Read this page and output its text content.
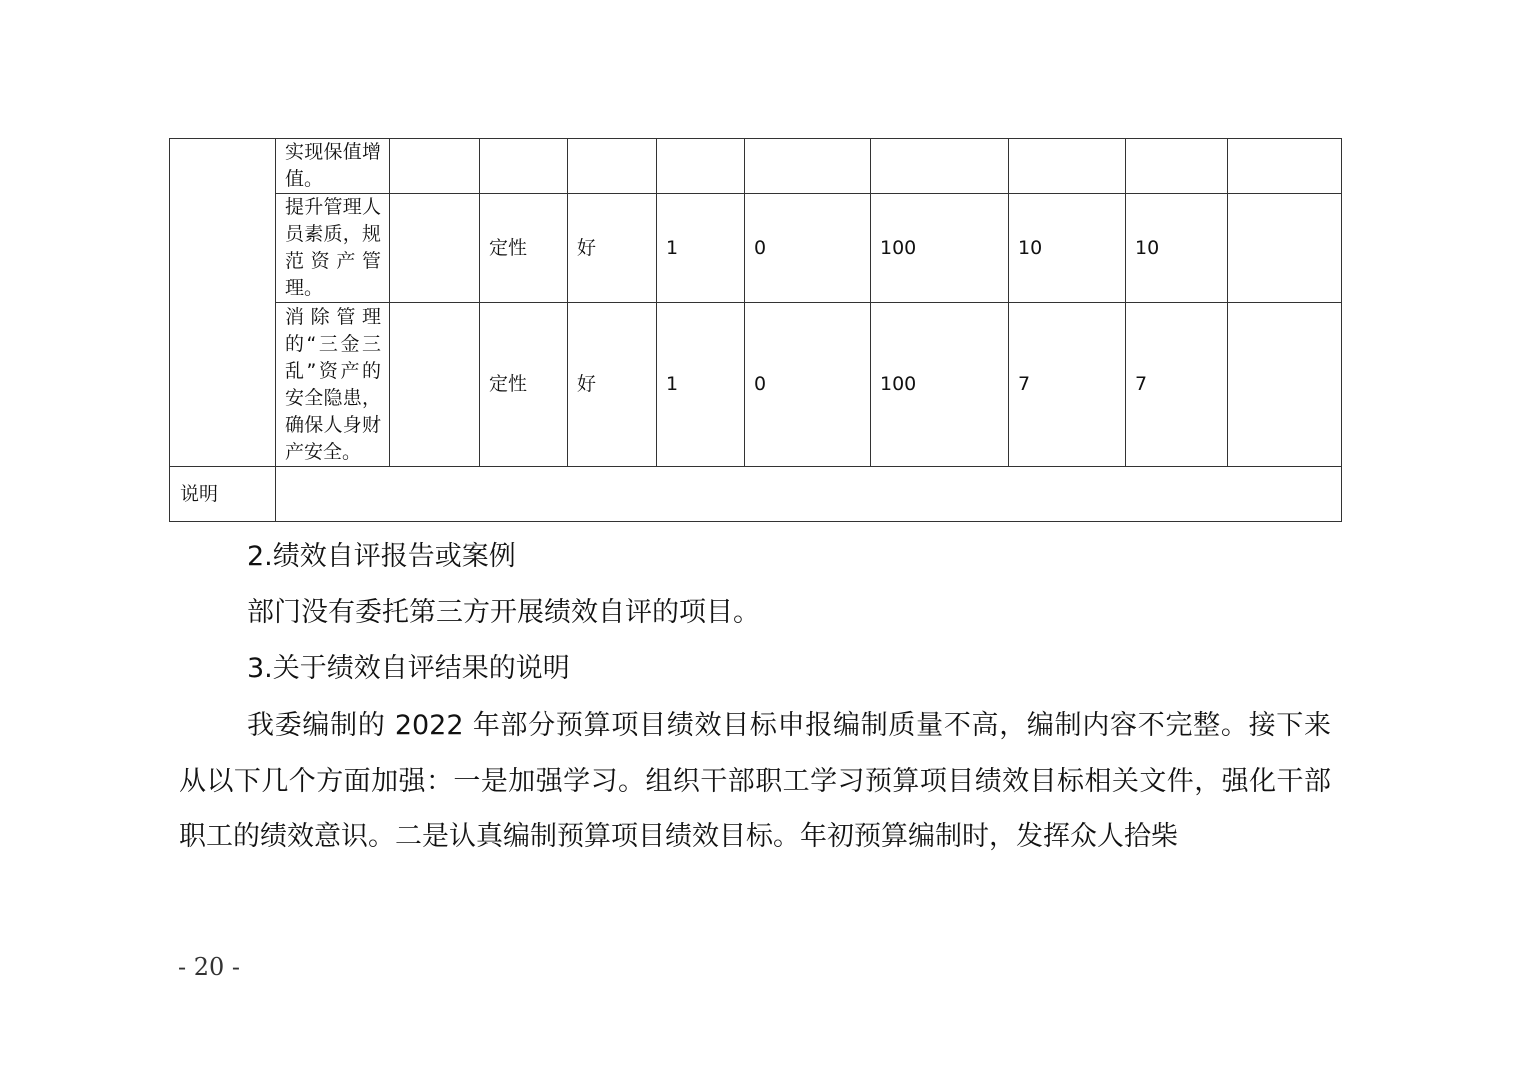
	实现保值增值。									
	提升管理人员素质，规范资产管理。		定性	好	1	0	100	10	10	
	消除管理的“三金三乱”资产的安全隐患，确保人身财产安全。		定性	好	1	0	100	7	7	
说明										

2.绩效自评报告或案例

部门没有委托第三方开展绩效自评的项目。

3.关于绩效自评结果的说明

我委编制的 2022 年部分预算项目绩效目标申报编制质量不高，编制内容不完整。接下来从以下几个方面加强：一是加强学习。组织干部职工学习预算项目绩效目标相关文件，强化干部职工的绩效意识。二是认真编制预算项目绩效目标。年初预算编制时，发挥众人拾柴

- 20 -
